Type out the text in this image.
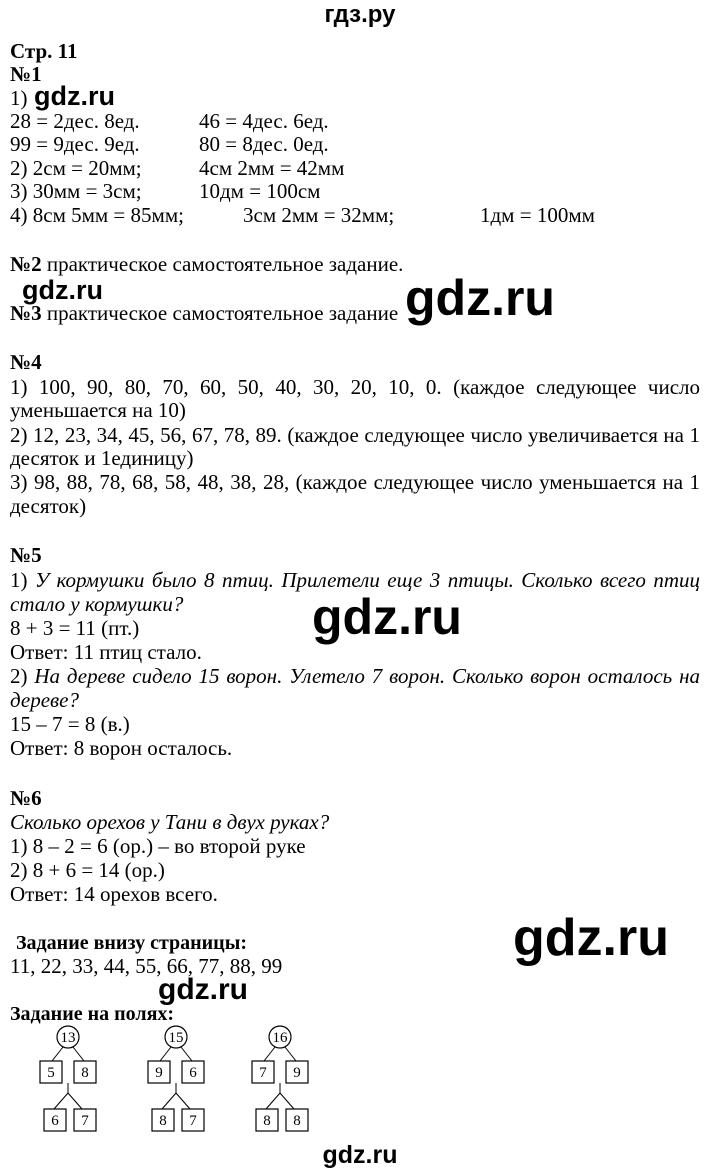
гдз.ру
Стр. 11
№1
1) gdz.ru
28 = 2дес. 8ед.	46 = 4дес. 6ед.
99 = 9дес. 9ед.	80 = 8дес. 0ед.
2) 2см = 20мм;	4см 2мм = 42мм
3) 30мм = 3см;	10дм = 100см
4) 8см 5мм = 85мм;	3см 2мм = 32мм;	1дм = 100мм
№2 практическое самостоятельное задание.
gdz.ru	gdz.ru
№3 практическое самостоятельное задание
№4
1) 100, 90, 80, 70, 60, 50, 40, 30, 20, 10, 0. (каждое следующее число
уменьшается на 10)
2) 12, 23, 34, 45, 56, 67, 78, 89. (каждое следующее число увеличивается на 1
десяток и 1единицу)
3) 98, 88, 78, 68, 58, 48, 38, 28, (каждое следующее число уменьшается на 1
десяток)
№5
1) У кормушки было 8 птиц. Прилетели еще 3 птицы. Сколько всего птиц
стало у кормушки?	gdz.ru
8 + 3 = 11 (пт.)
Ответ: 11 птиц стало.
2) На дереве сидело 15 ворон. Улетело 7 ворон. Сколько ворон осталось на
дереве?
15 – 7 = 8 (в.)
Ответ: 8 ворон осталось.
№6
Сколько орехов у Тани в двух руках?
1) 8 – 2 = 6 (ор.) – во второй руке
2) 8 + 6 = 14 (ор.)
Ответ: 14 орехов всего.
gdz.ru
Задание внизу страницы:
11, 22, 33, 44, 55, 66, 77, 88, 99
gdz.ru
Задание на полях:
13
5 8
6 7
15
9 6
8 7
16
7 9
8 8
gdz.ru
